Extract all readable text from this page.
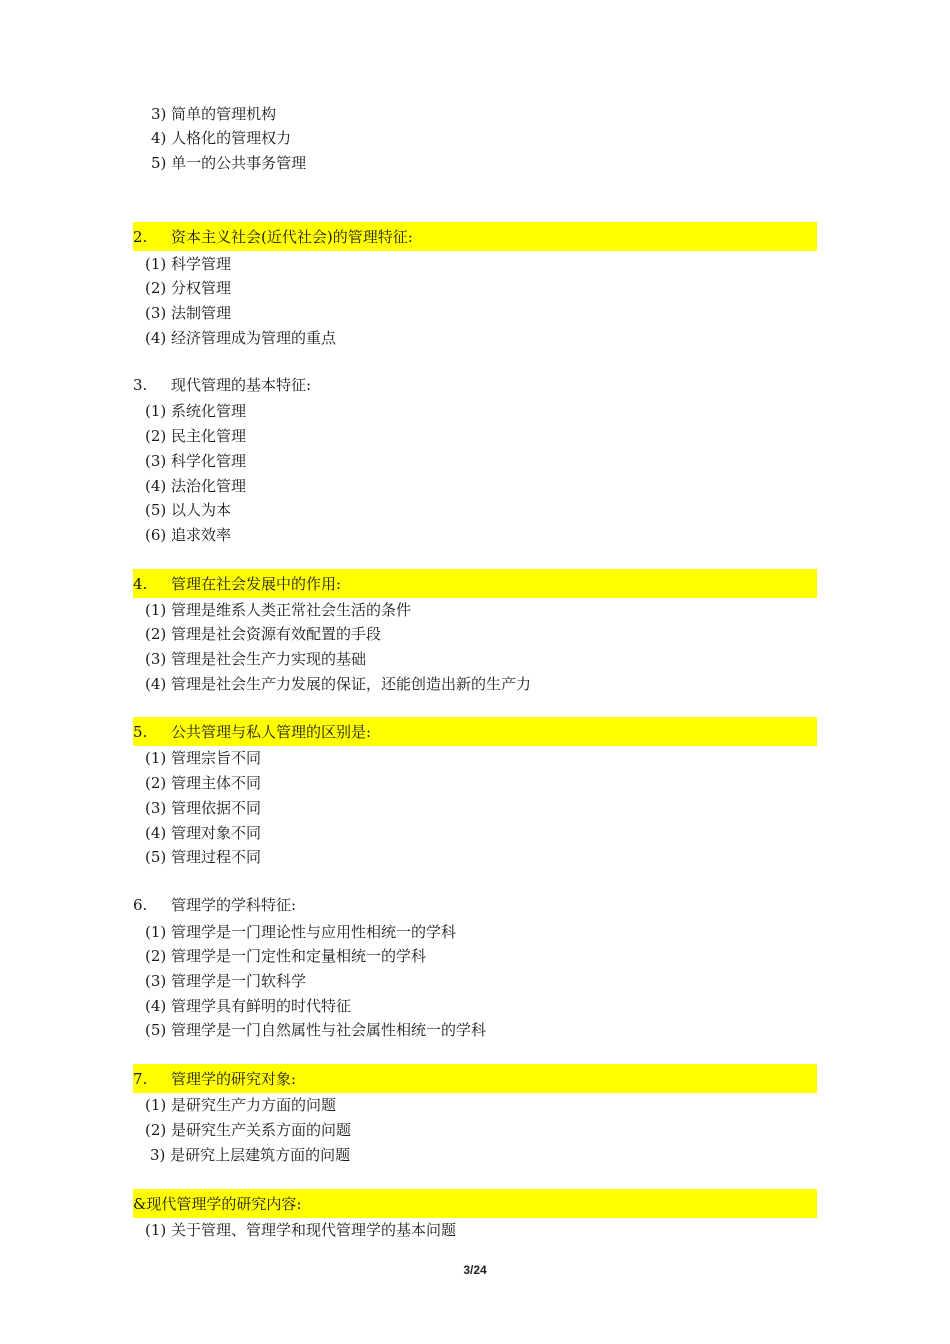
3) 简单的管理机构
4) 人格化的管理权力
5) 单一的公共事务管理
2. 资本主义社会(近代社会)的管理特征:
(1) 科学管理
(2) 分权管理
(3) 法制管理
(4) 经济管理成为管理的重点
3. 现代管理的基本特征:
(1) 系统化管理
(2) 民主化管理
(3) 科学化管理
(4) 法治化管理
(5) 以人为本
(6) 追求效率
4. 管理在社会发展中的作用:
(1) 管理是维系人类正常社会生活的条件
(2) 管理是社会资源有效配置的手段
(3) 管理是社会生产力实现的基础
(4) 管理是社会生产力发展的保证，还能创造出新的生产力
5. 公共管理与私人管理的区别是:
(1) 管理宗旨不同
(2) 管理主体不同
(3) 管理依据不同
(4) 管理对象不同
(5) 管理过程不同
6. 管理学的学科特征:
(1) 管理学是一门理论性与应用性相统一的学科
(2) 管理学是一门定性和定量相统一的学科
(3) 管理学是一门软科学
(4) 管理学具有鲜明的时代特征
(5) 管理学是一门自然属性与社会属性相统一的学科
7. 管理学的研究对象:
(1) 是研究生产力方面的问题
(2) 是研究生产关系方面的问题
3) 是研究上层建筑方面的问题
&现代管理学的研究内容:
(1) 关于管理、管理学和现代管理学的基本问题
3/24
